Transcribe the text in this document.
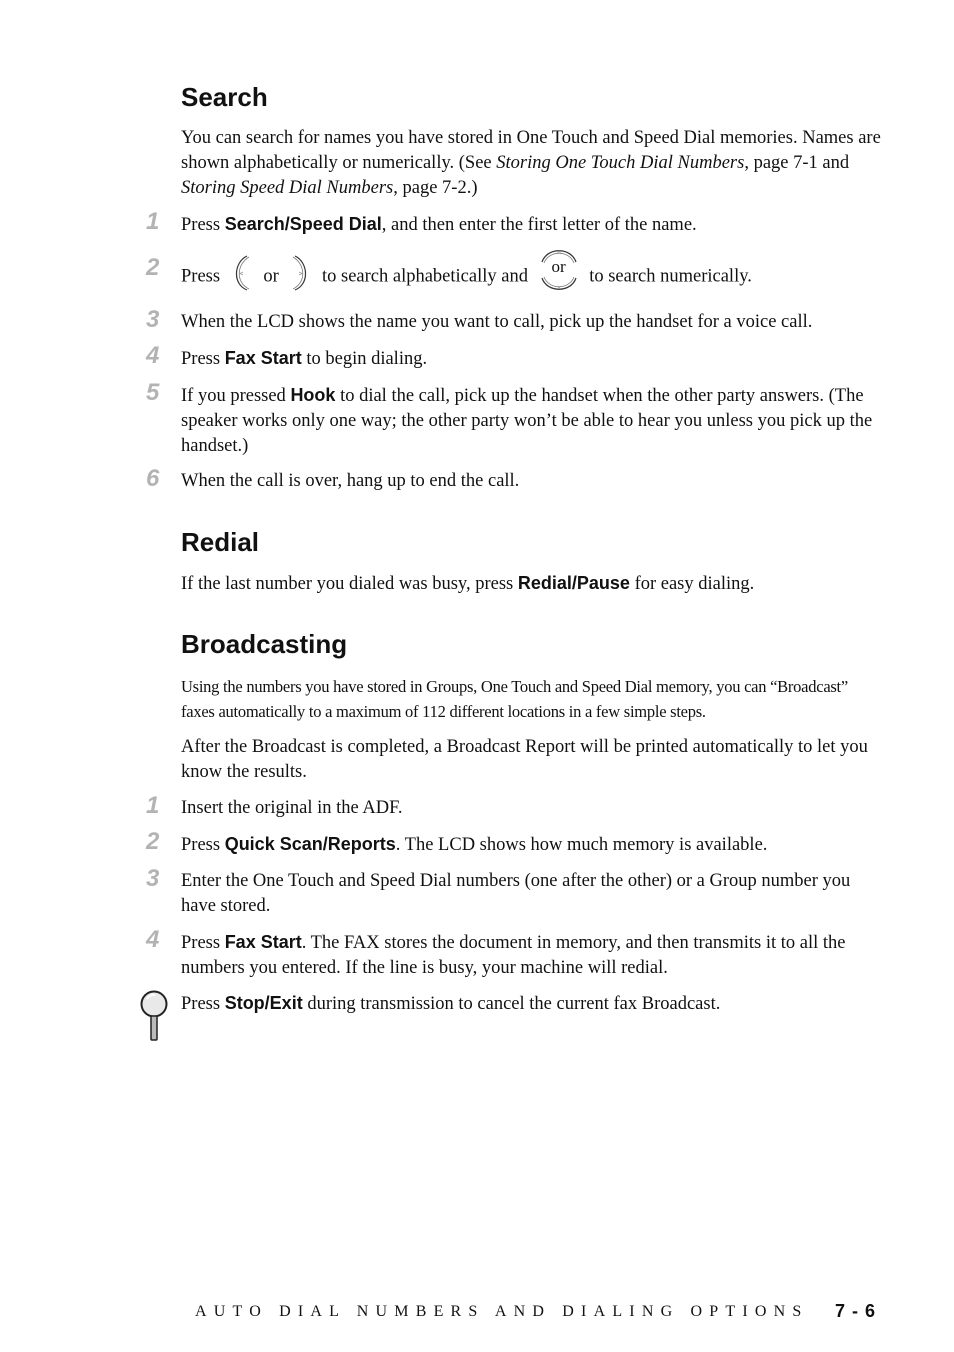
Search

You can search for names you have stored in One Touch and Speed Dial memories. Names are shown alphabetically or numerically. (See Storing One Touch Dial Numbers, page 7-1 and Storing Speed Dial Numbers, page 7-2.)

1 Press Search/Speed Dial, and then enter the first letter of the name.

2 Press or to search alphabetically and	or	to search numerically.

3 When the LCD shows the name you want to call, pick up the handset for a voice call.

4 Press Fax Start to begin dialing.

5 If you pressed Hook to dial the call, pick up the handset when the other party answers. (The speaker works only one way; the other party won’t be able to hear you unless you pick up the handset.)

6 When the call is over, hang up to end the call.

Redial

If the last number you dialed was busy, press Redial/Pause for easy dialing.

Broadcasting

Using the numbers you have stored in Groups, One Touch and Speed Dial memory, you can “Broadcast” faxes automatically to a maximum of 112 different locations in a few simple steps.

After the Broadcast is completed, a Broadcast Report will be printed automatically to let you know the results.

1 Insert the original in the ADF.

2 Press Quick Scan/Reports. The LCD shows how much memory is available.

3 Enter the One Touch and Speed Dial numbers (one after the other) or a Group number you have stored.

4 Press Fax Start. The FAX stores the document in memory, and then transmits it to all the numbers you entered. If the line is busy, your machine will redial.

Press Stop/Exit during transmission to cancel the current fax Broadcast.

AUTO DIAL NUMBERS AND DIALING OPTIONS 7 - 6
